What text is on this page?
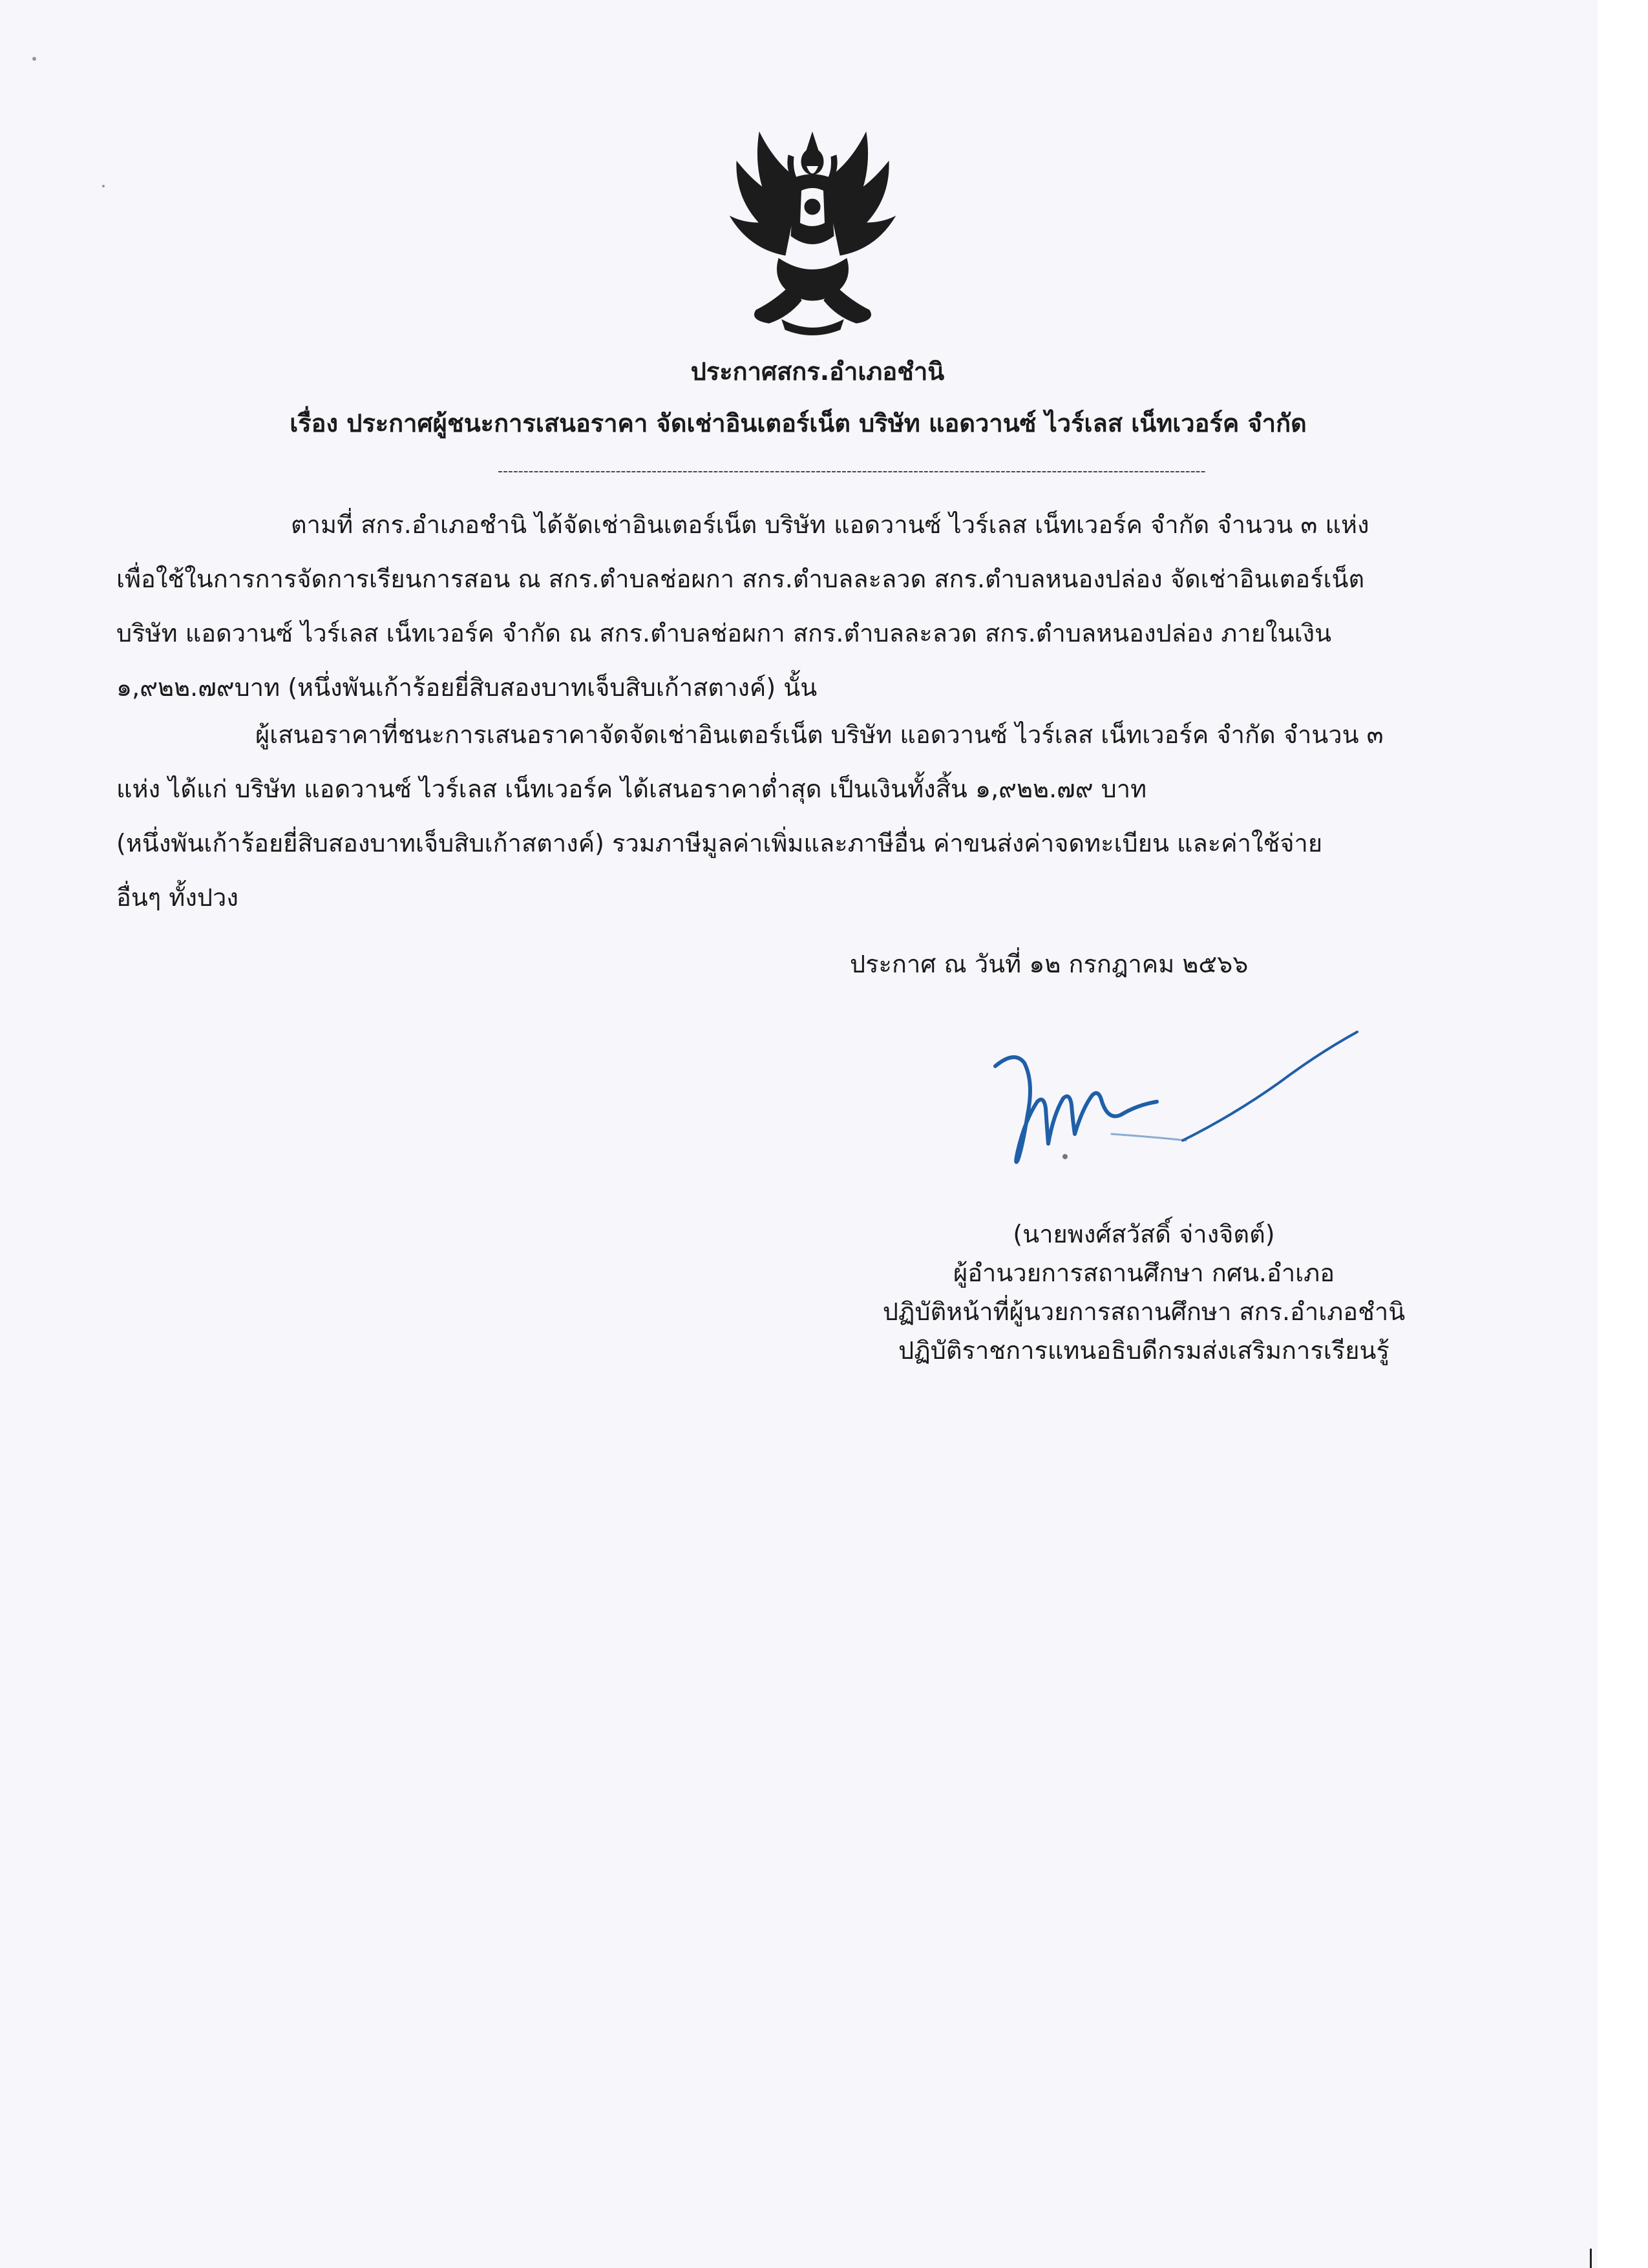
ประกาศสกร.อำเภอชำนิ
เรื่อง ประกาศผู้ชนะการเสนอราคา จัดเช่าอินเตอร์เน็ต บริษัท แอดวานซ์ ไวร์เลส เน็ทเวอร์ค จำกัด
------------------------------------------------------------------------------------------------------------------------------------------
ตามที่ สกร.อำเภอชำนิ ได้จัดเช่าอินเตอร์เน็ต บริษัท แอดวานซ์ ไวร์เลส เน็ทเวอร์ค จำกัด จำนวน ๓ แห่ง
เพื่อใช้ในการการจัดการเรียนการสอน ณ สกร.ตำบลช่อผกา สกร.ตำบลละลวด สกร.ตำบลหนองปล่อง จัดเช่าอินเตอร์เน็ต
บริษัท แอดวานซ์ ไวร์เลส เน็ทเวอร์ค จำกัด ณ สกร.ตำบลช่อผกา สกร.ตำบลละลวด สกร.ตำบลหนองปล่อง ภายในเงิน
๑,๙๒๒.๗๙บาท (หนึ่งพันเก้าร้อยยี่สิบสองบาทเจ็บสิบเก้าสตางค์) นั้น
ผู้เสนอราคาที่ชนะการเสนอราคาจัดจัดเช่าอินเตอร์เน็ต บริษัท แอดวานซ์ ไวร์เลส เน็ทเวอร์ค จำกัด จำนวน ๓
แห่ง ได้แก่ บริษัท แอดวานซ์ ไวร์เลส เน็ทเวอร์ค ได้เสนอราคาต่ำสุด เป็นเงินทั้งสิ้น ๑,๙๒๒.๗๙ บาท
(หนึ่งพันเก้าร้อยยี่สิบสองบาทเจ็บสิบเก้าสตางค์) รวมภาษีมูลค่าเพิ่มและภาษีอื่น ค่าขนส่งค่าจดทะเบียน และค่าใช้จ่าย
อื่นๆ ทั้งปวง
ประกาศ ณ วันที่ ๑๒ กรกฎาคม ๒๕๖๖
(นายพงศ์สวัสดิ์ จ่างจิตต์)
ผู้อำนวยการสถานศึกษา กศน.อำเภอ
ปฏิบัติหน้าที่ผู้นวยการสถานศึกษา สกร.อำเภอชำนิ
ปฏิบัติราชการแทนอธิบดีกรมส่งเสริมการเรียนรู้
